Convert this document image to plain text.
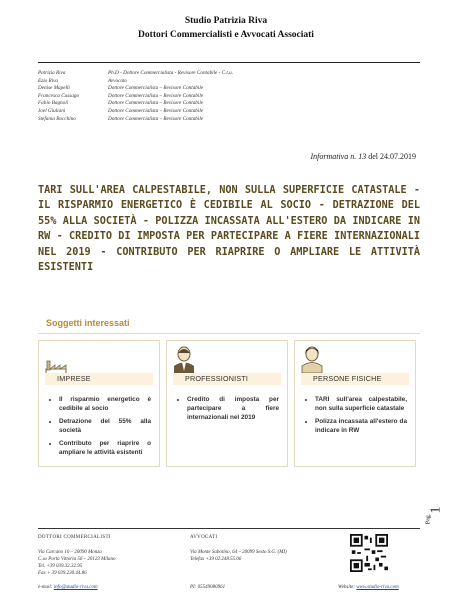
Studio Patrizia Riva
Dottori Commercialisti e Avvocati Associati
Patrizia Riva	Ph.D - Dottore Commercialista - Revisore Contabile - C.t.u.
Ezio Riva	Avvocato
Denise Mapelli	Dottore Commercialista – Revisore Contabile
Francesca Cassago	Dottore Commercialista – Revisore Contabile
Fabio Bagnoli	Dottore Commercialista – Revisore Contabile
Joel Giuliani	Dottore Commercialista – Revisore Contabile
Stefania Bocchino	Dottore Commercialista – Revisore Contabile
Informativa n. 13 del 24.07.2019
TARI SULL'AREA CALPESTABILE, NON SULLA SUPERFICIE CATASTALE - IL RISPARMIO ENERGETICO È CEDIBILE AL SOCIO - DETRAZIONE DEL 55% ALLA SOCIETÀ - POLIZZA INCASSATA ALL'ESTERO DA INDICARE IN RW - CREDITO DI IMPOSTA PER PARTECIPARE A FIERE INTERNAZIONALI NEL 2019 - CONTRIBUTO PER RIAPRIRE O AMPLIARE LE ATTIVITÀ ESISTENTI
Soggetti interessati
IMPRESE
• Il risparmio energetico è cedibile al socio
• Detrazione del 55% alla società
• Contributo per riaprire o ampliare le attività esistenti
PROFESSIONISTI
• Credito di imposta per partecipare a fiere internazionali nel 2019
PERSONE FISICHE
• TARI sull'area calpestabile, non sulla superficie catastale
• Polizza incassata all'estero da indicare in RW
Pag.
1
DOTTORI COMMERCIALISTI
Via Carcano 10 – 20090 Monza
C.so Porta Vittoria 56 – 20123 Milano
Tel. +39 039.32.32.95
Fax + 39 039.230.44.86
AVVOCATI
Via Monte Sabotino, 64 – 20099 Sesto S.G. (MI)
Telefax +39 02.248.55.06
e-mail: info@studio-riva.com	PI: 05549080961	Website: www.studio-riva.com
